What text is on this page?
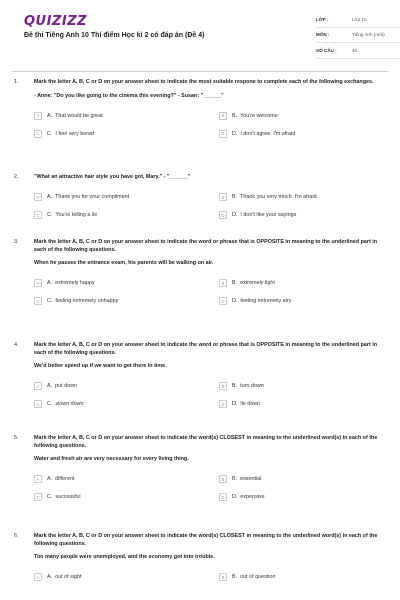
QUIZIZZ
Đề thi Tiếng Anh 10 Thí điểm Học kì 2 có đáp án (Đề 4)
LỚP :	Lớp 10
MÔN :	Tiếng Anh (mới)
SỐ CÂU :	40
1.	Mark the letter A, B, C or D on your answer sheet to indicate the most suitable respone to complete each of the following exchanges.
- Anne: "Do you like going to the cinema this evening?" - Susan: "______"
A	A. That would be great	B	B. You're welcome
C	C. I feel very bored	D	D. I don't agree. I'm afraid
2.	"What an attractive hair style you have got, Mary." - "______"
A	A. Thank you for your compliment	B	B. Thank you very much. I'm afraid
C	C. You're telling a lie	D	D. I don't like your sayings
3.	Mark the letter A, B, C or D on your answer sheet to indicate the word or phrase that is OPPOSITE in meaning to the underlined part in each of the following questions.
When he passes the entrance exam, his parents will be walking on air.
A	A. extremely happy	B	B. extremely light
C	C. feeling extremely unhappy	D	D. feeling extremely airy
4.	Mark the letter A, B, C or D on your answer sheet to indicate the word or phrase that is OPPOSITE in meaning to the underlined part in each of the following questions.
We'd better speed up if we want to get there in time.
A	A. put down	B	B. turn down
C	C. slown down	D	D. lie down
5.	Mark the letter A, B, C or D on your answer sheet to indicate the word(s) CLOSEST in meaning to the underlined word(s) in each of the following questions.
Water and fresh air are very necessary for every living thing.
A	A. different	B	B. essential
C	C. successful	D	D. expensive
6.	Mark the letter A, B, C or D on your answer sheet to indicate the word(s) CLOSEST in meaning to the underlined word(s) in each of the following questions.
Too many people were unemployed, and the economy got into trouble.
A	A. out of sight	B	B. out of question
